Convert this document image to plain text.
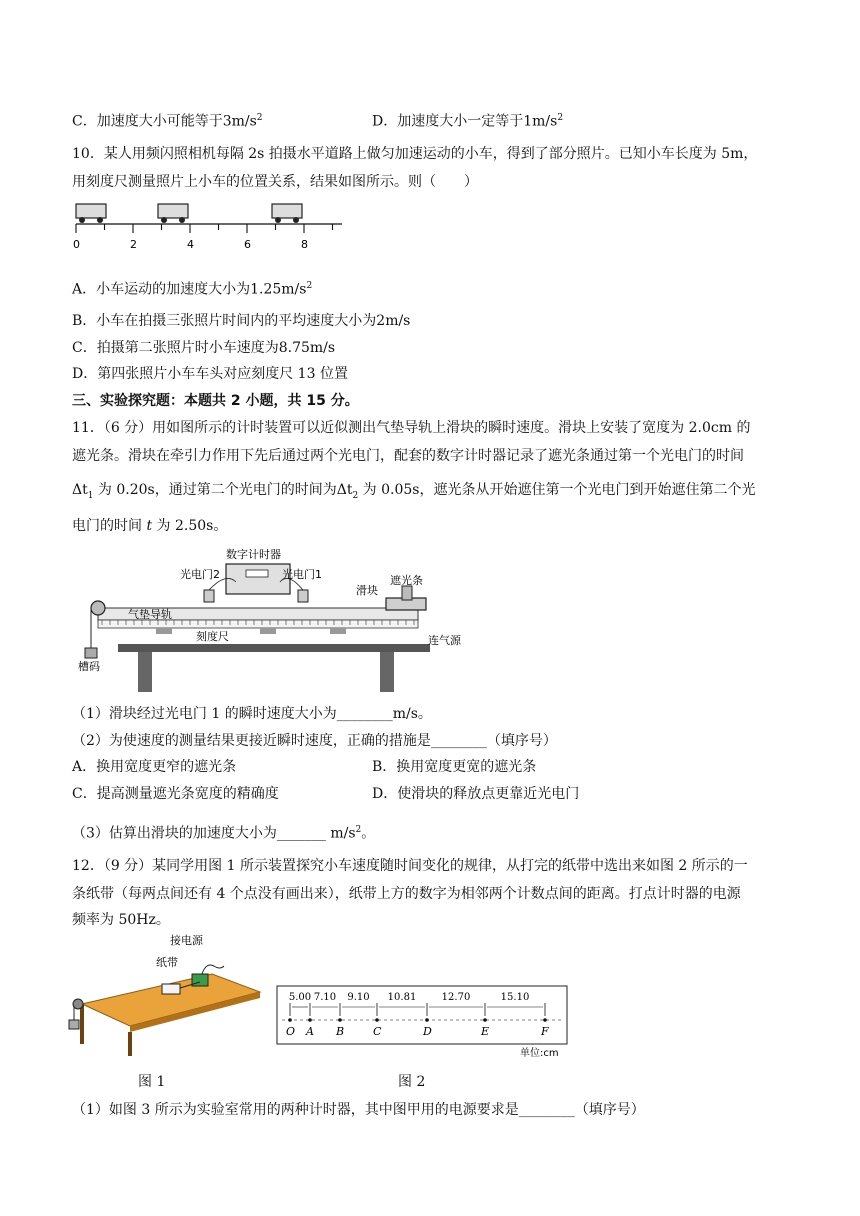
C．加速度大小可能等于$3m/s^2$	D．加速度大小一定等于$1m/s^2$
10．某人用频闪照相机每隔 2s 拍摄水平道路上做匀加速运动的小车，得到了部分照片。已知小车长度为 5m，
用刻度尺测量照片上小车的位置关系，结果如图所示。则（　　）
0	2	4	6	8
A．小车运动的加速度大小为$1.25m/s^2$
B．小车在拍摄三张照片时间内的平均速度大小为2m/s
C．拍摄第二张照片时小车速度为8.75m/s
D．第四张照片小车车头对应刻度尺 13 位置
三、实验探究题：本题共 2 小题，共 15 分。
11．（6 分）用如图所示的计时装置可以近似测出气垫导轨上滑块的瞬时速度。滑块上安装了宽度为 2.0cm 的
遮光条。滑块在牵引力作用下先后通过两个光电门，配套的数字计时器记录了遮光条通过第一个光电门的时间
$\Delta t_1$ 为 0.20s，通过第二个光电门的时间为$\Delta t_2$ 为 0.05s，遮光条从开始遮住第一个光电门到开始遮住第二个光
电门的时间 t 为 2.50s。
数字计时器
光电门2	光电门1
滑块
遮光条
气垫导轨
刻度尺	连气源
槽码
（1）滑块经过光电门 1 的瞬时速度大小为________m/s。
（2）为使速度的测量结果更接近瞬时速度，正确的措施是________（填序号）
A．换用宽度更窄的遮光条	B．换用宽度更宽的遮光条
C．提高测量遮光条宽度的精确度	D．使滑块的释放点更靠近光电门
（3）估算出滑块的加速度大小为_______ $m/s^2$。
12．（9 分）某同学用图 1 所示装置探究小车速度随时间变化的规律，从打完的纸带中选出来如图 2 所示的一
条纸带（每两点间还有 4 个点没有画出来），纸带上方的数字为相邻两个计数点间的距离。打点计时器的电源
频率为 50Hz。
接电源
纸带
O A B	C	D	E	F
5.00 7.10 9.10 10.81	12.70	15.10
单位:cm
图 1	图 2
（1）如图 3 所示为实验室常用的两种计时器，其中图甲用的电源要求是________（填序号）
